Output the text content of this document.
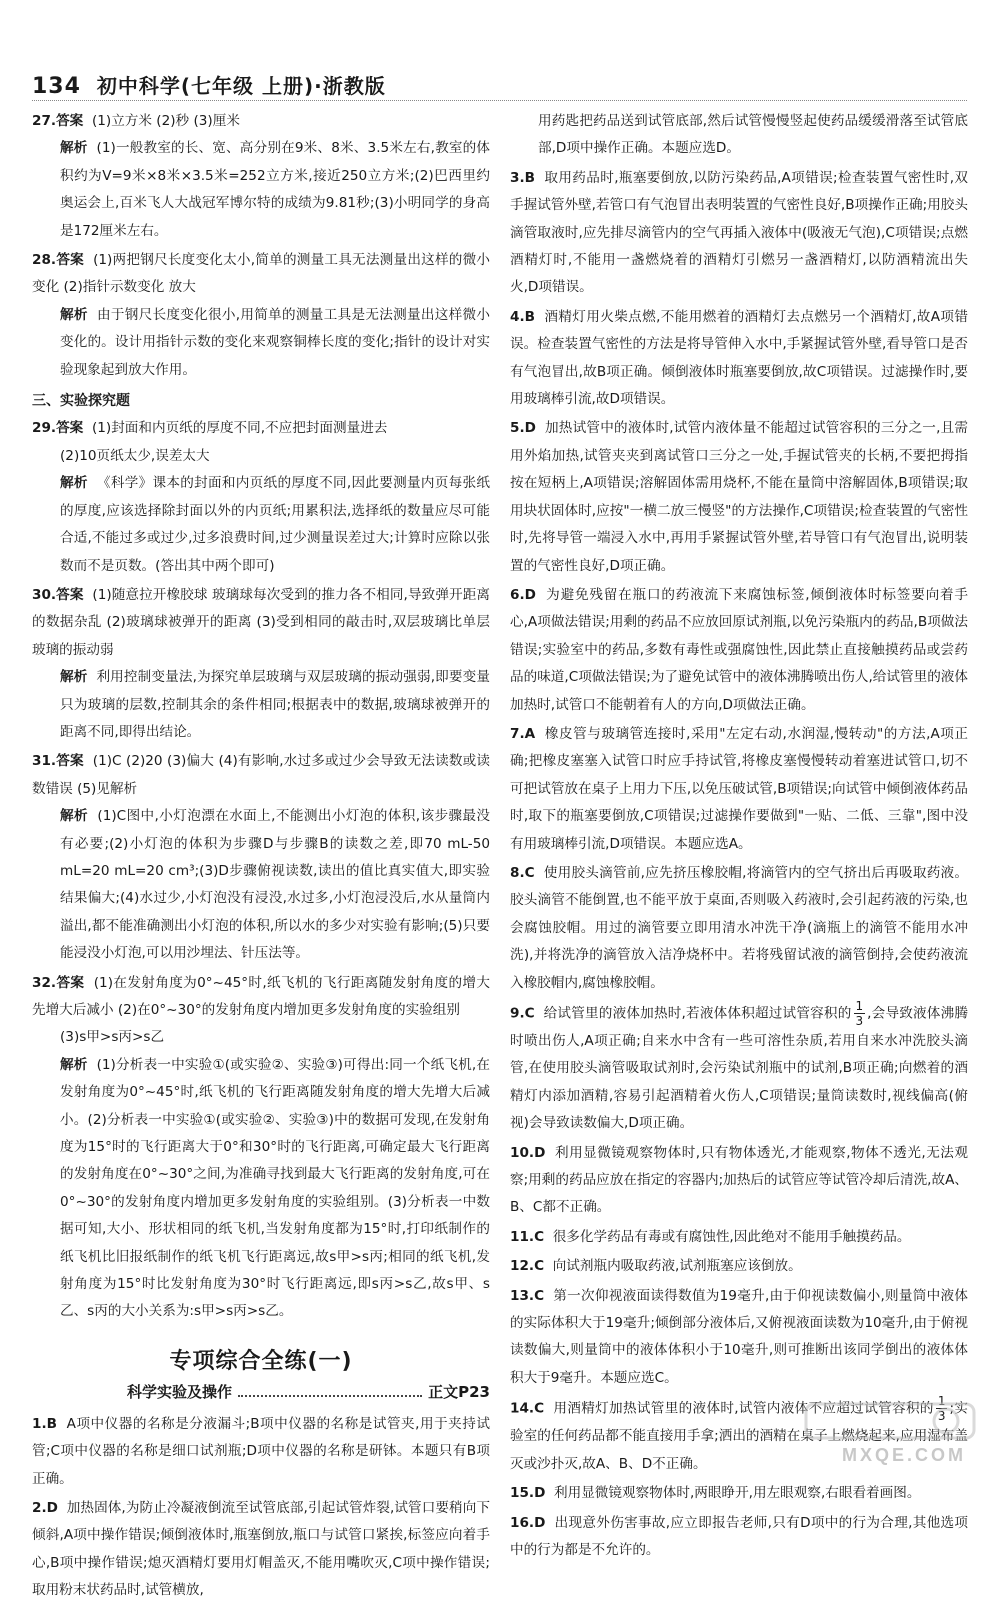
134 初中科学(七年级 上册)·浙教版
27.答案 (1)立方米 (2)秒 (3)厘米
解析 (1)一般教室的长、宽、高分别在9米、8米、3.5米左右,教室的体积约为V=9米×8米×3.5米=252立方米,接近250立方米;(2)巴西里约奥运会上,百米飞人大战冠军博尔特的成绩为9.81秒;(3)小明同学的身高是172厘米左右。
28.答案 (1)两把钢尺长度变化太小,简单的测量工具无法测量出这样的微小变化 (2)指针示数变化 放大
解析 由于钢尺长度变化很小,用简单的测量工具是无法测量出这样微小变化的。设计用指针示数的变化来观察铜棒长度的变化;指针的设计对实验现象起到放大作用。
三、实验探究题
29.答案 (1)封面和内页纸的厚度不同,不应把封面测量进去
(2)10页纸太少,误差太大
解析 《科学》课本的封面和内页纸的厚度不同,因此要测量内页每张纸的厚度,应该选择除封面以外的内页纸;用累积法,选择纸的数量应尽可能合适,不能过多或过少,过多浪费时间,过少测量误差过大;计算时应除以张数而不是页数。(答出其中两个即可)
30.答案 (1)随意拉开橡胶球 玻璃球每次受到的推力各不相同,导致弹开距离的数据杂乱 (2)玻璃球被弹开的距离 (3)受到相同的敲击时,双层玻璃比单层玻璃的振动弱
解析 利用控制变量法,为探究单层玻璃与双层玻璃的振动强弱,即要变量只为玻璃的层数,控制其余的条件相同;根据表中的数据,玻璃球被弹开的距离不同,即得出结论。
31.答案 (1)C (2)20 (3)偏大 (4)有影响,水过多或过少会导致无法读数或读数错误 (5)见解析
解析 (1)C图中,小灯泡漂在水面上,不能测出小灯泡的体积,该步骤最没有必要;(2)小灯泡的体积为步骤D与步骤B的读数之差,即70 mL-50 mL=20 mL=20 cm³;(3)D步骤俯视读数,读出的值比真实值大,即实验结果偏大;(4)水过少,小灯泡没有浸没,水过多,小灯泡浸没后,水从量筒内溢出,都不能准确测出小灯泡的体积,所以水的多少对实验有影响;(5)只要能浸没小灯泡,可以用沙埋法、针压法等。
32.答案 (1)在发射角度为0°~45°时,纸飞机的飞行距离随发射角度的增大先增大后减小 (2)在0°~30°的发射角度内增加更多发射角度的实验组别
(3)s甲>s丙>s乙
解析 (1)分析表一中实验①(或实验②、实验③)可得出:同一个纸飞机,在发射角度为0°~45°时,纸飞机的飞行距离随发射角度的增大先增大后减小。(2)分析表一中实验①(或实验②、实验③)中的数据可发现,在发射角度为15°时的飞行距离大于0°和30°时的飞行距离,可确定最大飞行距离的发射角度在0°~30°之间,为准确寻找到最大飞行距离的发射角度,可在0°~30°的发射角度内增加更多发射角度的实验组别。(3)分析表一中数据可知,大小、形状相同的纸飞机,当发射角度都为15°时,打印纸制作的纸飞机比旧报纸制作的纸飞机飞行距离远,故s甲>s丙;相同的纸飞机,发射角度为15°时比发射角度为30°时飞行距离远,即s丙>s乙,故s甲、s乙、s丙的大小关系为:s甲>s丙>s乙。
专项综合全练(一)
科学实验及操作	正文P23
1.B A项中仪器的名称是分液漏斗;B项中仪器的名称是试管夹,用于夹持试管;C项中仪器的名称是细口试剂瓶;D项中仪器的名称是研钵。本题只有B项正确。
2.D 加热固体,为防止冷凝液倒流至试管底部,引起试管炸裂,试管口要稍向下倾斜,A项中操作错误;倾倒液体时,瓶塞倒放,瓶口与试管口紧挨,标签应向着手心,B项中操作错误;熄灭酒精灯要用灯帽盖灭,不能用嘴吹灭,C项中操作错误;取用粉末状药品时,试管横放,
用药匙把药品送到试管底部,然后试管慢慢竖起使药品缓缓滑落至试管底部,D项中操作正确。本题应选D。
3.B 取用药品时,瓶塞要倒放,以防污染药品,A项错误;检查装置气密性时,双手握试管外壁,若管口有气泡冒出表明装置的气密性良好,B项操作正确;用胶头滴管取液时,应先排尽滴管内的空气再插入液体中(吸液无气泡),C项错误;点燃酒精灯时,不能用一盏燃烧着的酒精灯引燃另一盏酒精灯,以防酒精流出失火,D项错误。
4.B 酒精灯用火柴点燃,不能用燃着的酒精灯去点燃另一个酒精灯,故A项错误。检查装置气密性的方法是将导管伸入水中,手紧握试管外壁,看导管口是否有气泡冒出,故B项正确。倾倒液体时瓶塞要倒放,故C项错误。过滤操作时,要用玻璃棒引流,故D项错误。
5.D 加热试管中的液体时,试管内液体量不能超过试管容积的三分之一,且需用外焰加热,试管夹夹到离试管口三分之一处,手握试管夹的长柄,不要把拇指按在短柄上,A项错误;溶解固体需用烧杯,不能在量筒中溶解固体,B项错误;取用块状固体时,应按"一横二放三慢竖"的方法操作,C项错误;检查装置的气密性时,先将导管一端浸入水中,再用手紧握试管外壁,若导管口有气泡冒出,说明装置的气密性良好,D项正确。
6.D 为避免残留在瓶口的药液流下来腐蚀标签,倾倒液体时标签要向着手心,A项做法错误;用剩的药品不应放回原试剂瓶,以免污染瓶内的药品,B项做法错误;实验室中的药品,多数有毒性或强腐蚀性,因此禁止直接触摸药品或尝药品的味道,C项做法错误;为了避免试管中的液体沸腾喷出伤人,给试管里的液体加热时,试管口不能朝着有人的方向,D项做法正确。
7.A 橡皮管与玻璃管连接时,采用"左定右动,水润湿,慢转动"的方法,A项正确;把橡皮塞塞入试管口时应手持试管,将橡皮塞慢慢转动着塞进试管口,切不可把试管放在桌子上用力下压,以免压破试管,B项错误;向试管中倾倒液体药品时,取下的瓶塞要倒放,C项错误;过滤操作要做到"一贴、二低、三靠",图中没有用玻璃棒引流,D项错误。本题应选A。
8.C 使用胶头滴管前,应先挤压橡胶帽,将滴管内的空气挤出后再吸取药液。胶头滴管不能倒置,也不能平放于桌面,否则吸入药液时,会引起药液的污染,也会腐蚀胶帽。用过的滴管要立即用清水冲洗干净(滴瓶上的滴管不能用水冲洗),并将洗净的滴管放入洁净烧杯中。若将残留试液的滴管倒持,会使药液流入橡胶帽内,腐蚀橡胶帽。
9.C 给试管里的液体加热时,若液体体积超过试管容积的 $\frac{1}{3}$ ,会导致液体沸腾时喷出伤人,A项正确;自来水中含有一些可溶性杂质,若用自来水冲洗胶头滴管,在使用胶头滴管吸取试剂时,会污染试剂瓶中的试剂,B项正确;向燃着的酒精灯内添加酒精,容易引起酒精着火伤人,C项错误;量筒读数时,视线偏高(俯视)会导致读数偏大,D项正确。
10.D 利用显微镜观察物体时,只有物体透光,才能观察,物体不透光,无法观察;用剩的药品应放在指定的容器内;加热后的试管应等试管冷却后清洗,故A、B、C都不正确。
11.C 很多化学药品有毒或有腐蚀性,因此绝对不能用手触摸药品。
12.C 向试剂瓶内吸取药液,试剂瓶塞应该倒放。
13.C 第一次仰视液面读得数值为19毫升,由于仰视读数偏小,则量筒中液体的实际体积大于19毫升;倾倒部分液体后,又俯视液面读数为10毫升,由于俯视读数偏大,则量筒中的液体体积小于10毫升,则可推断出该同学倒出的液体体积大于9毫升。本题应选C。
14.C 用酒精灯加热试管里的液体时,试管内液体不应超过试管容积的 $\frac{1}{3}$ ;实验室的任何药品都不能直接用手拿;洒出的酒精在桌子上燃烧起来,应用湿布盖灭或沙扑灭,故A、B、D不正确。
15.D 利用显微镜观察物体时,两眼睁开,用左眼观察,右眼看着画图。
16.D 出现意外伤害事故,应立即报告老师,只有D项中的行为合理,其他选项中的行为都是不允许的。
MXQE.COM
